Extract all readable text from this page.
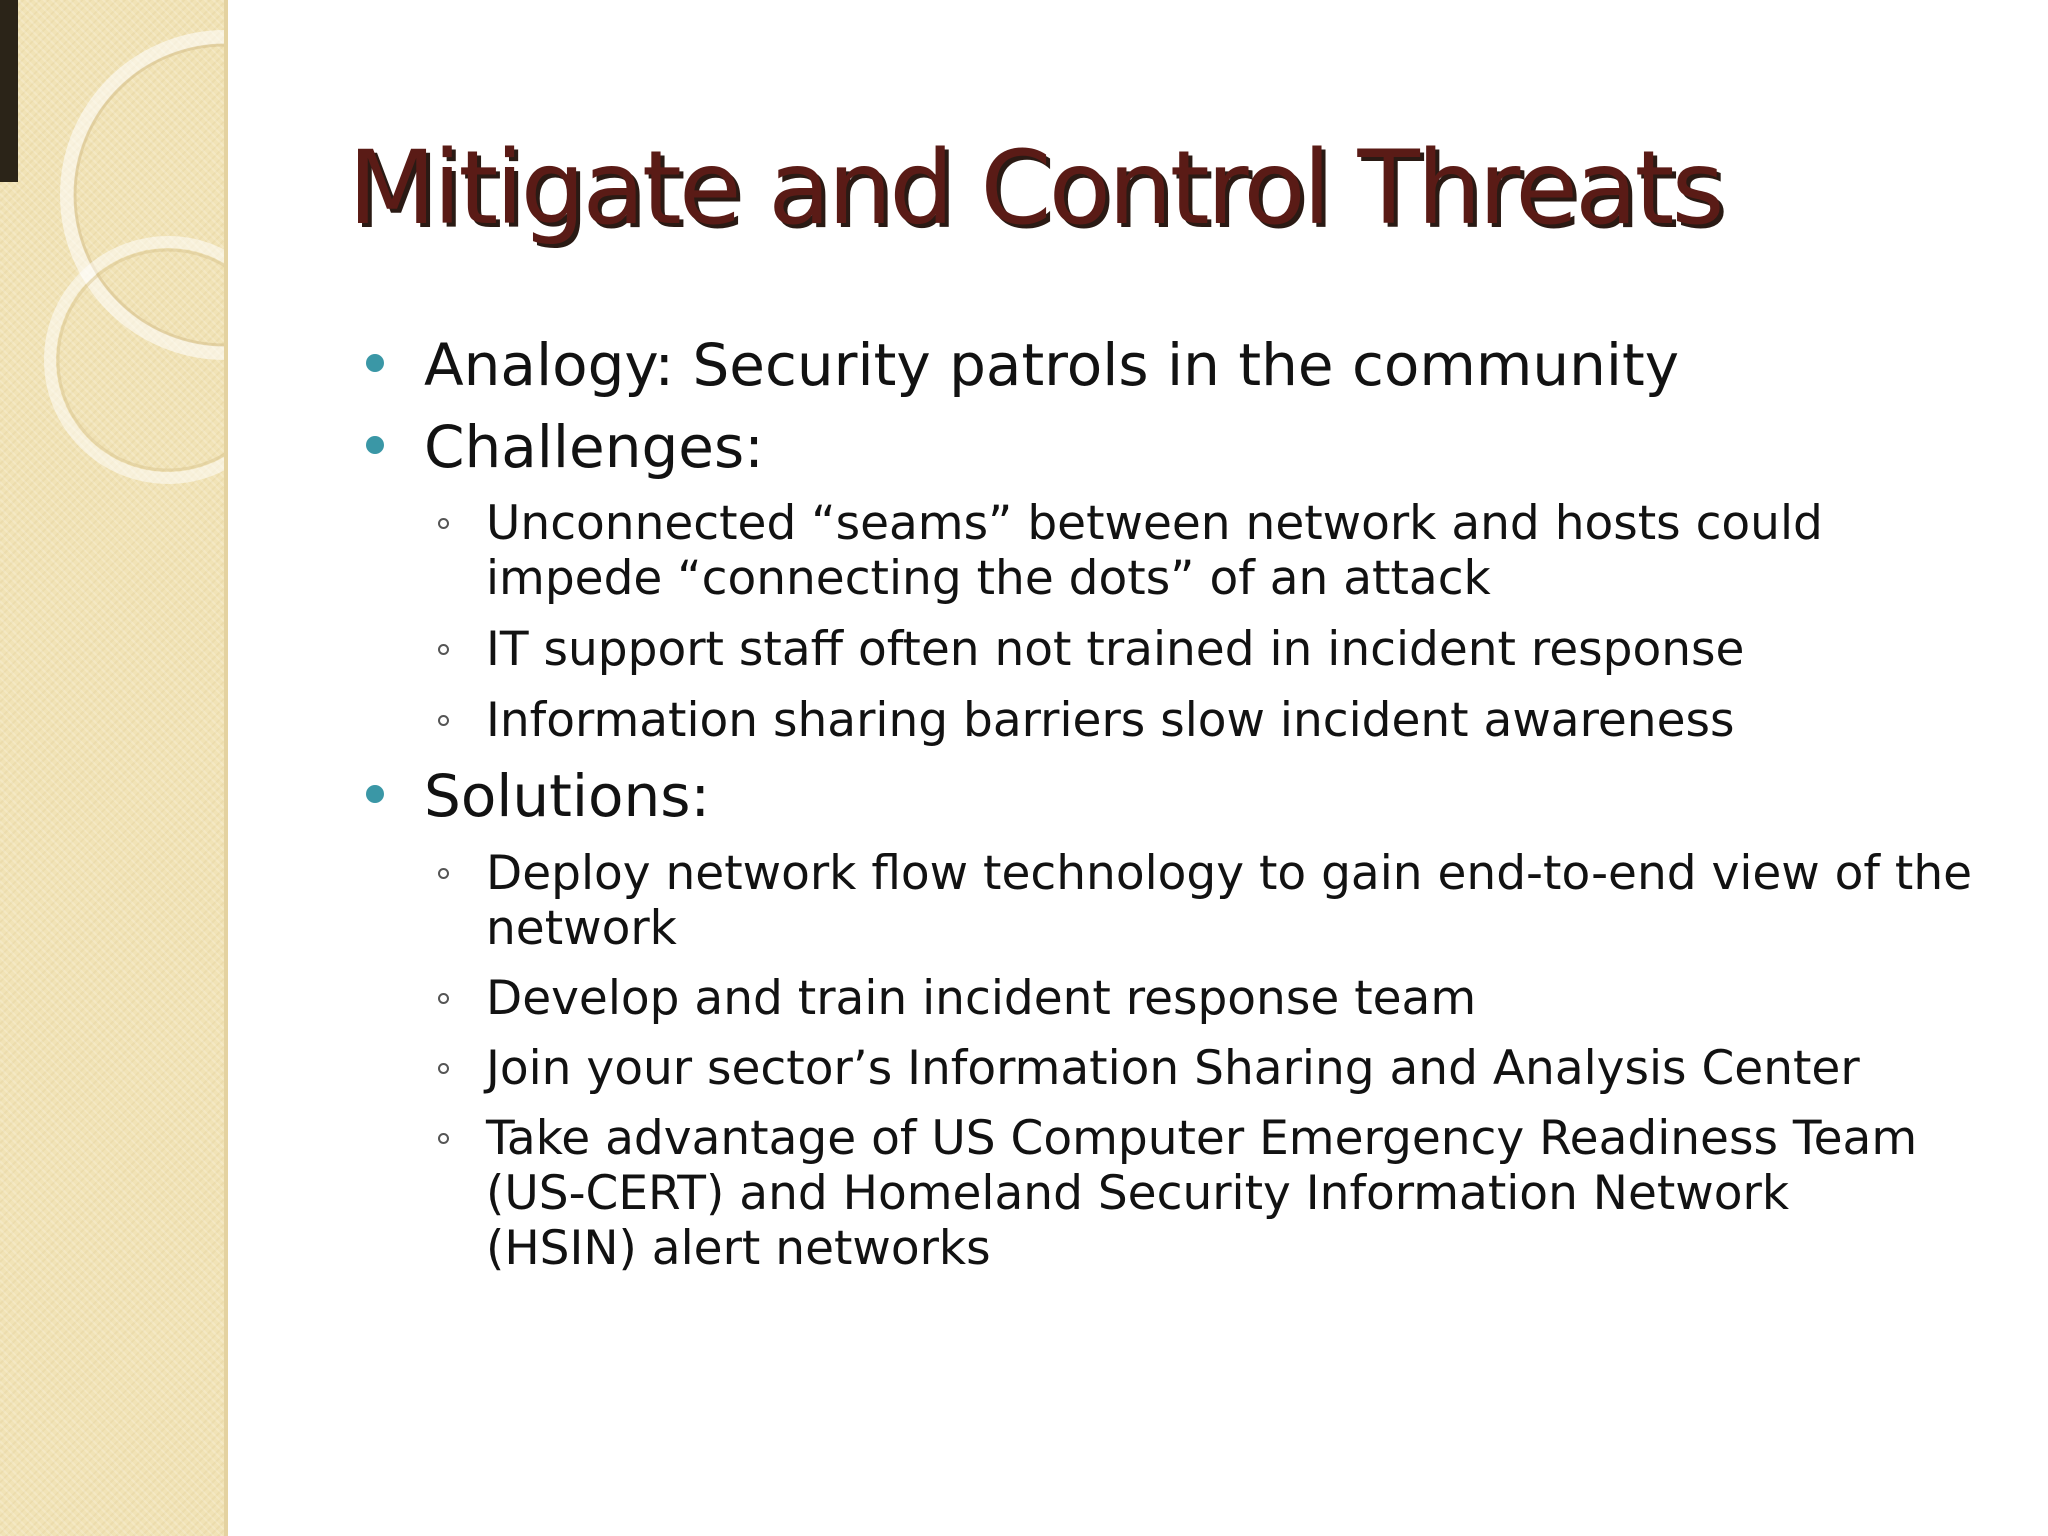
Mitigate and Control Threats
Analogy: Security patrols in the community
Challenges:
Unconnected “seams” between network and hosts could
impede “connecting the dots” of an attack
IT support staff often not trained in incident response
Information sharing barriers slow incident awareness
Solutions:
Deploy network flow technology to gain end-to-end view of the
network
Develop and train incident response team
Join your sector’s Information Sharing and Analysis Center
Take advantage of US Computer Emergency Readiness Team
(US-CERT) and Homeland Security Information Network
(HSIN) alert networks
